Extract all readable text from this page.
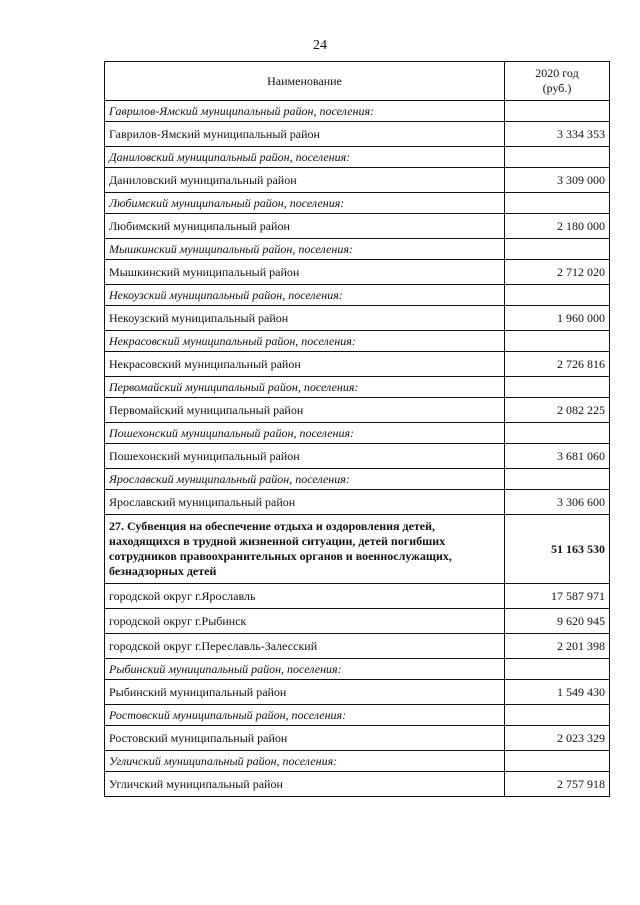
24
Наименование	2020 год
(руб.)
Гаврилов-Ямский муниципальный район, поселения:	
Гаврилов-Ямский муниципальный район	3 334 353
Даниловский муниципальный район, поселения:	
Даниловский муниципальный район	3 309 000
Любимский муниципальный район, поселения:	
Любимский муниципальный район	2 180 000
Мышкинский муниципальный район, поселения:	
Мышкинский муниципальный район	2 712 020
Некоузский муниципальный район, поселения:	
Некоузский муниципальный район	1 960 000
Некрасовский муниципальный район, поселения:	
Некрасовский муниципальный район	2 726 816
Первомайский муниципальный район, поселения:	
Первомайский муниципальный район	2 082 225
Пошехонский муниципальный район, поселения:	
Пошехонский муниципальный район	3 681 060
Ярославский муниципальный район, поселения:	
Ярославский муниципальный район	3 306 600
27. Субвенция на обеспечение отдыха и оздоровления детей, находящихся в трудной жизненной ситуации, детей погибших сотрудников правоохранительных органов и военнослужащих, безнадзорных детей	51 163 530
городской округ г.Ярославль	17 587 971
городской округ г.Рыбинск	9 620 945
городской округ г.Переславль-Залесский	2 201 398
Рыбинский муниципальный район, поселения:	
Рыбинский муниципальный район	1 549 430
Ростовский муниципальный район, поселения:	
Ростовский муниципальный район	2 023 329
Угличский муниципальный район, поселения:	
Угличский муниципальный район	2 757 918
